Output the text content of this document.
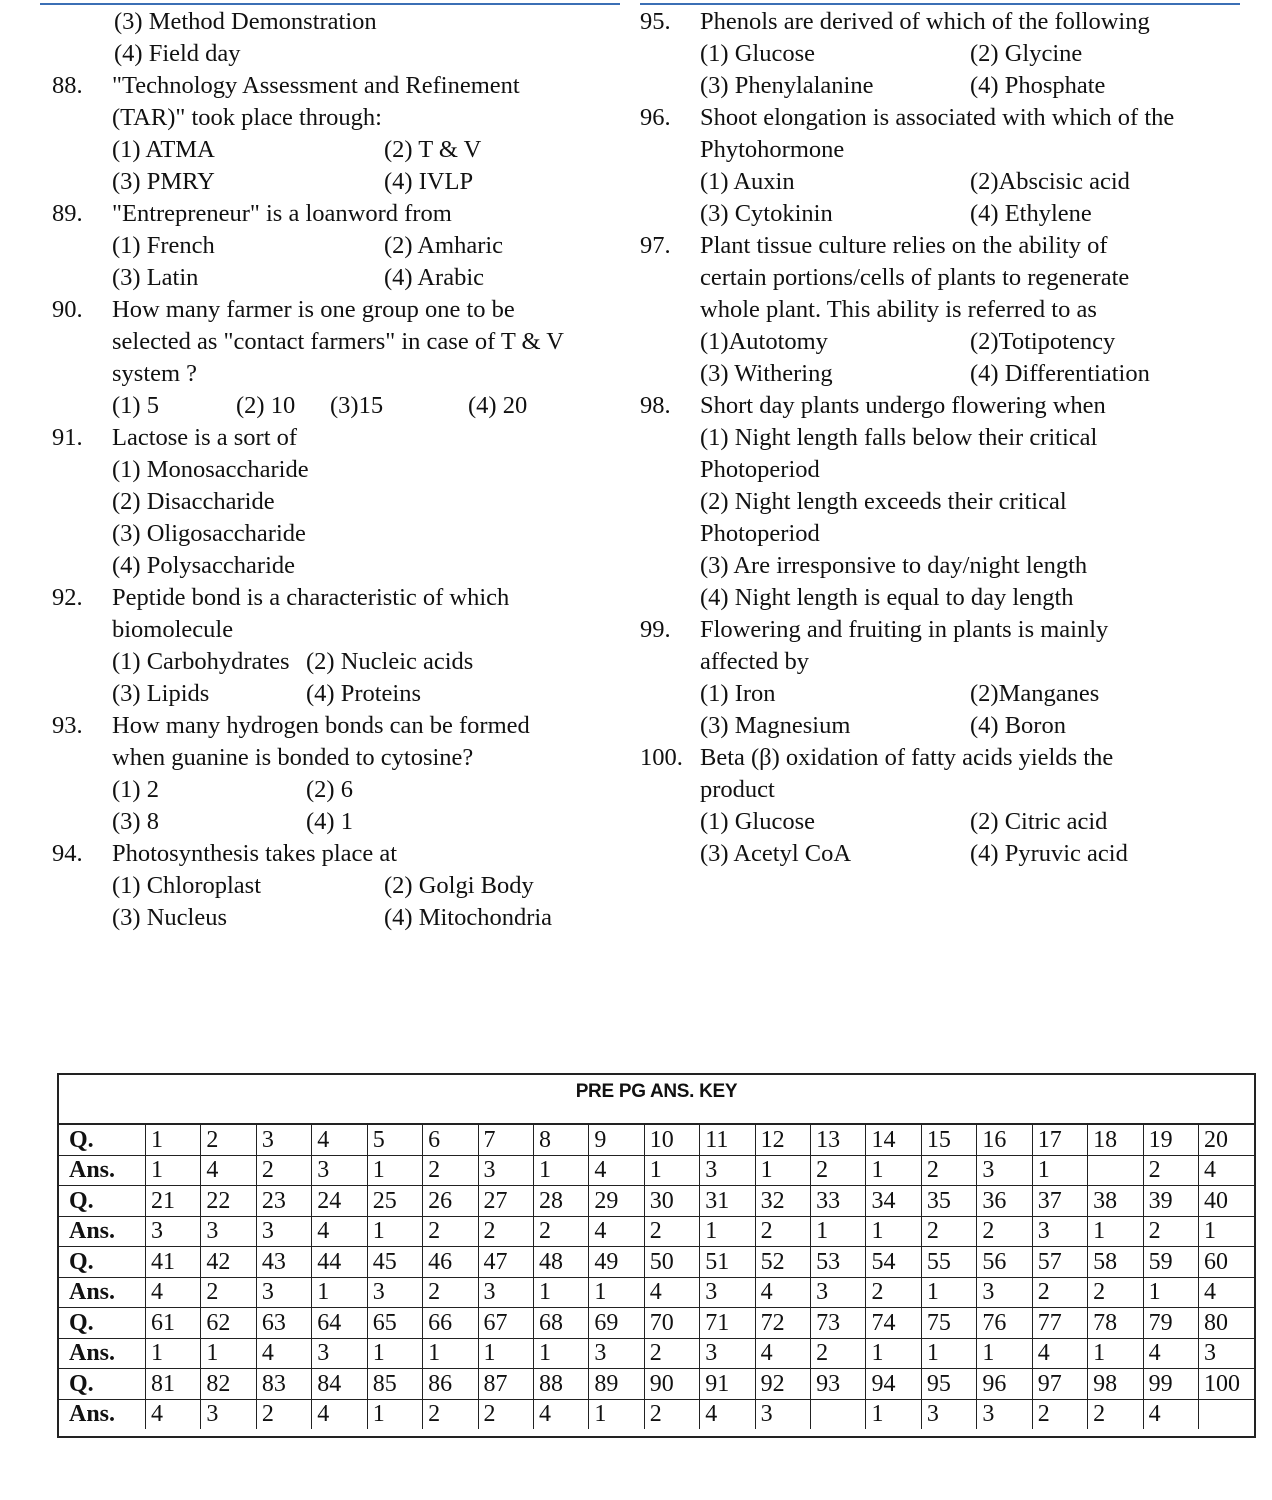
(3) Method Demonstration
(4) Field day
88. "Technology Assessment and Refinement
(TAR)" took place through:
(1) ATMA	(2) T & V
(3) PMRY	(4) IVLP
89. "Entrepreneur" is a loanword from
(1) French	(2) Amharic
(3) Latin	(4) Arabic
90. How many farmer is one group one to be
selected as "contact farmers" in case of T & V
system ?
(1) 5	(2) 10 (3)15	(4) 20
91. Lactose is a sort of
(1) Monosaccharide
(2) Disaccharide
(3) Oligosaccharide
(4) Polysaccharide
92. Peptide bond is a characteristic of which
biomolecule
(1) Carbohydrates (2) Nucleic acids
(3) Lipids	(4) Proteins
93. How many hydrogen bonds can be formed
when guanine is bonded to cytosine?
(1) 2	(2) 6
(3) 8	(4) 1
94. Photosynthesis takes place at
(1) Chloroplast	(2) Golgi Body
(3) Nucleus	(4) Mitochondria
95. Phenols are derived of which of the following
(1) Glucose	(2) Glycine
(3) Phenylalanine	(4) Phosphate
96. Shoot elongation is associated with which of the
Phytohormone
(1) Auxin	(2)Abscisic acid
(3) Cytokinin	(4) Ethylene
97. Plant tissue culture relies on the ability of
certain portions/cells of plants to regenerate
whole plant. This ability is referred to as
(1)Autotomy	(2)Totipotency
(3) Withering	(4) Differentiation
98. Short day plants undergo flowering when
(1) Night length falls below their critical
Photoperiod
(2) Night length exceeds their critical
Photoperiod
(3) Are irresponsive to day/night length
(4) Night length is equal to day length
99. Flowering and fruiting in plants is mainly
affected by
(1) Iron	(2)Manganes
(3) Magnesium	(4) Boron
100. Beta (β) oxidation of fatty acids yields the
product
(1) Glucose	(2) Citric acid
(3) Acetyl CoA	(4) Pyruvic acid
PRE PG ANS. KEY
Q.	1	2	3	4	5	6	7	8	9	10	11	12	13	14	15	16	17	18	19	20
Ans.	1	4	2	3	1	2	3	1	4	1	3	1	2	1	2	3	1		2	4
Q.	21	22	23	24	25	26	27	28	29	30	31	32	33	34	35	36	37	38	39	40
Ans.	3	3	3	4	1	2	2	2	4	2	1	2	1	1	2	2	3	1	2	1
Q.	41	42	43	44	45	46	47	48	49	50	51	52	53	54	55	56	57	58	59	60
Ans.	4	2	3	1	3	2	3	1	1	4	3	4	3	2	1	3	2	2	1	4
Q.	61	62	63	64	65	66	67	68	69	70	71	72	73	74	75	76	77	78	79	80
Ans.	1	1	4	3	1	1	1	1	3	2	3	4	2	1	1	1	4	1	4	3
Q.	81	82	83	84	85	86	87	88	89	90	91	92	93	94	95	96	97	98	99	100
Ans.	4	3	2	4	1	2	2	4	1	2	4	3		1	3	3	2	2	4	
